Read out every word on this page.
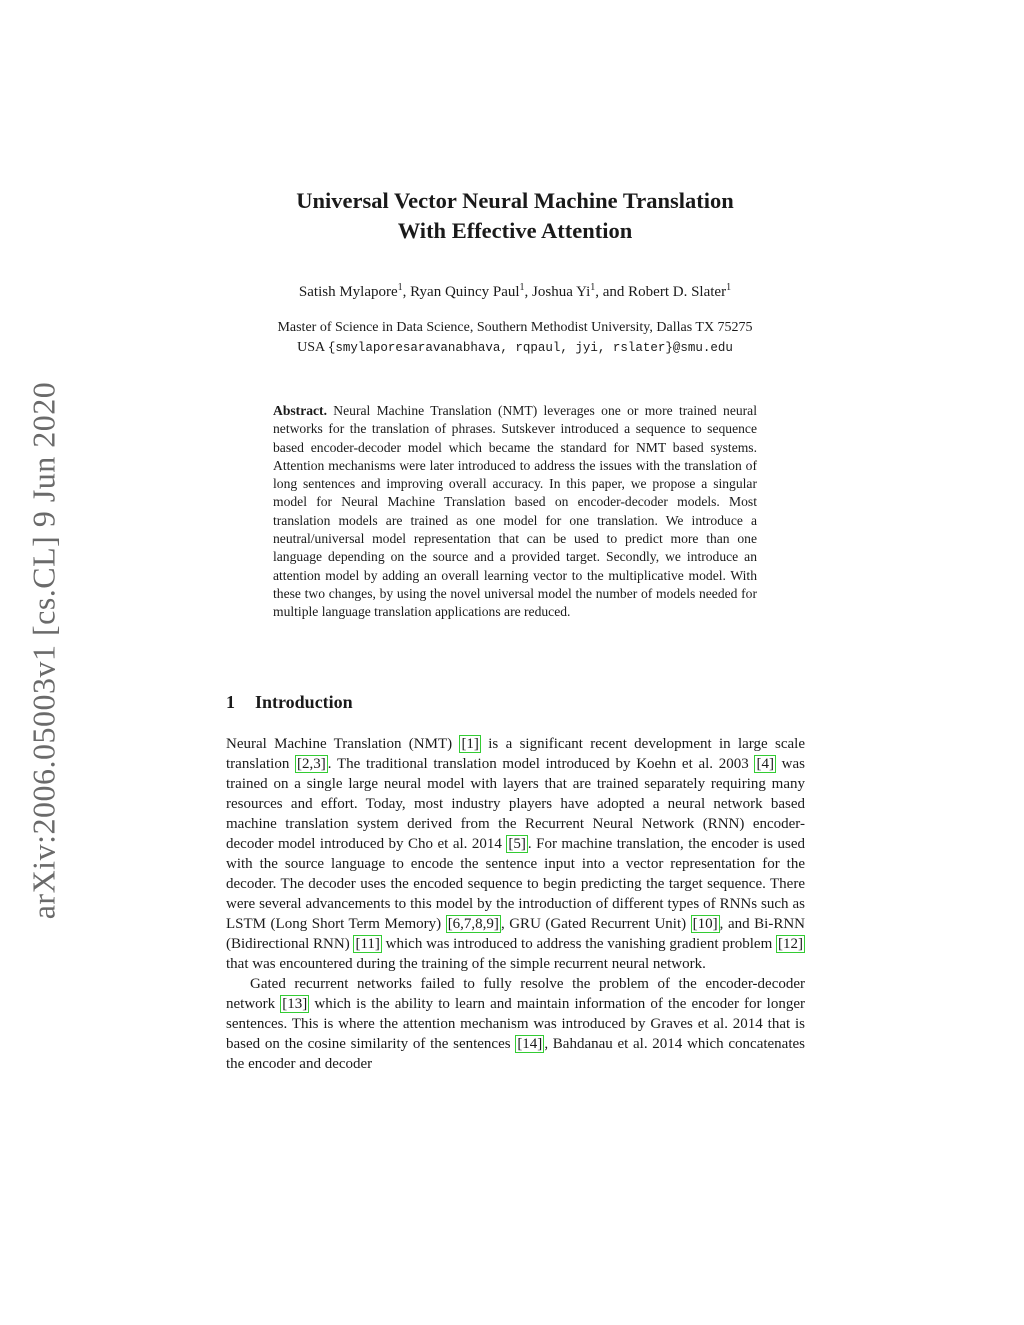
arXiv:2006.05003v1 [cs.CL] 9 Jun 2020
Universal Vector Neural Machine Translation
With Effective Attention
Satish Mylapore$^1$, Ryan Quincy Paul$^1$, Joshua Yi$^1$, and Robert D. Slater$^1$
Master of Science in Data Science, Southern Methodist University, Dallas TX 75275
USA {smylaporesaravanabhava, rqpaul, jyi, rslater}@smu.edu
Abstract. Neural Machine Translation (NMT) leverages one or more trained neural networks for the translation of phrases. Sutskever introduced a sequence to sequence based encoder-decoder model which became the standard for NMT based systems. Attention mechanisms were later introduced to address the issues with the translation of long sentences and improving overall accuracy. In this paper, we propose a singular model for Neural Machine Translation based on encoder-decoder models. Most translation models are trained as one model for one translation. We introduce a neutral/universal model representation that can be used to predict more than one language depending on the source and a provided target. Secondly, we introduce an attention model by adding an overall learning vector to the multiplicative model. With these two changes, by using the novel universal model the number of models needed for multiple language translation applications are reduced.
1 Introduction

Neural Machine Translation (NMT) [1] is a significant recent development in large scale translation [2,3] . The traditional translation model introduced by Koehn et al. 2003 [4] was trained on a single large neural model with layers that are trained separately requiring many resources and effort. Today, most industry players have adopted a neural network based machine translation system derived from the Recurrent Neural Network (RNN) encoder-decoder model introduced by Cho et al. 2014 [5] . For machine translation, the encoder is used with the source language to encode the sentence input into a vector representation for the decoder. The decoder uses the encoded sequence to begin predicting the target sequence. There were several advancements to this model by the introduction of different types of RNNs such as LSTM (Long Short Term Memory) [6,7,8,9] , GRU (Gated Recurrent Unit) [10] , and Bi-RNN (Bidirectional RNN) [11] which was introduced to address the vanishing gradient problem [12] that was encountered during the training of the simple recurrent neural network.

Gated recurrent networks failed to fully resolve the problem of the encoder-decoder network [13] which is the ability to learn and maintain information of the encoder for longer sentences. This is where the attention mechanism was introduced by Graves et al. 2014 that is based on the cosine similarity of the sentences [14] , Bahdanau et al. 2014 which concatenates the encoder and decoder
